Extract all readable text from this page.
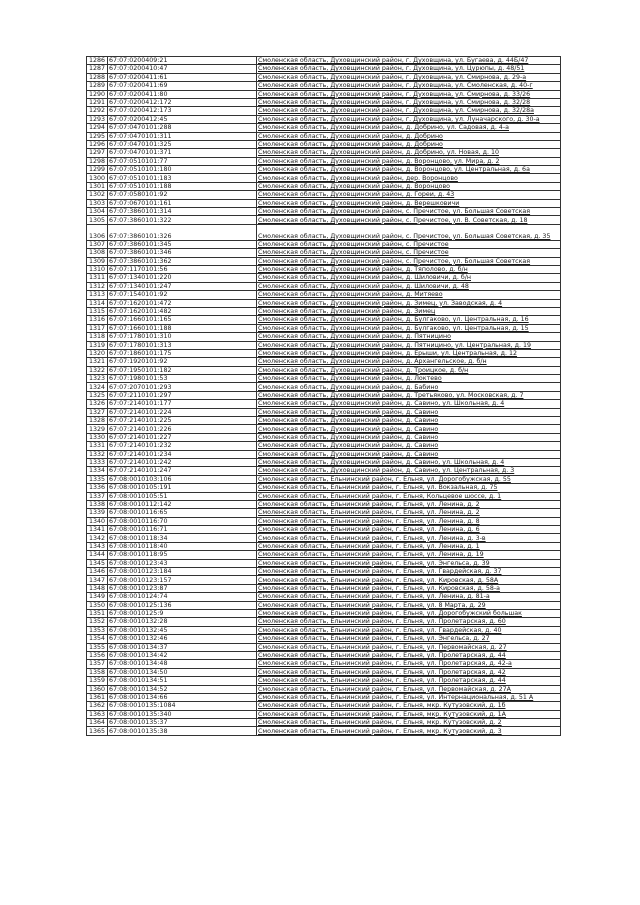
1286	67:07:0200409:21	Смоленская область, Духовщинский район, г. Духовщина, ул. Бугаева, д. 44Б/47
1287	67:07:0200410:47	Смоленская область, Духовщинский район, г. Духовщина, ул. Цурюпы, д. 48/51
1288	67:07:0200411:61	Смоленская область, Духовщинский район, г. Духовщина, ул. Смирнова, д. 29-а
1289	67:07:0200411:69	Смоленская область, Духовщинский район, г. Духовщина, ул. Смоленская, д. 40-г
1290	67:07:0200411:80	Смоленская область, Духовщинский район, г. Духовщина, ул. Смирнова, д. 33/26
1291	67:07:0200412:172	Смоленская область, Духовщинский район, г. Духовщина, ул. Смирнова, д. 32/28
1292	67:07:0200412:173	Смоленская область, Духовщинский район, г. Духовщина, ул. Смирнова, д. 32/28а
1293	67:07:0200412:45	Смоленская область, Духовщинский район, г. Духовщина, ул. Луначарского, д. 30-а
1294	67:07:0470101:288	Смоленская область, Духовщинский район, д. Добрино, ул. Садовая, д. 4-а
1295	67:07:0470101:311	Смоленская область, Духовщинский район, д. Добрино
1296	67:07:0470101:325	Смоленская область, Духовщинский район, д. Добрино
1297	67:07:0470101:371	Смоленская область, Духовщинский район, д. Добрино, ул. Новая, д. 10
1298	67:07:0510101:77	Смоленская область, Духовщинский район, д. Воронцово, ул. Мира, д. 2
1299	67:07:0510101:180	Смоленская область, Духовщинский район, д. Воронцово, ул. Центральная, д. 6а
1300	67:07:0510101:183	Смоленская область, Духовщинский район, дер. Воронцово
1301	67:07:0510101:188	Смоленская область, Духовщинский район, д. Воронцово
1302	67:07:0580101:92	Смоленская область, Духовщинский район, д. Гореи, д. 43
1303	67:07:0670101:161	Смоленская область, Духовщинский район, д. Верешковичи
1304	67:07:3860101:314	Смоленская область, Духовщинский район, с. Пречистое, ул. Большая Советская
1305	67:07:3860101:322	Смоленская область, Духовщинский район, с. Пречистое, ул. В. Советская, д. 18
1306	67:07:3860101:326	Смоленская область, Духовщинский район, с. Пречистое, ул. Большая Советская, д. 35
1307	67:07:3860101:345	Смоленская область, Духовщинский район, с. Пречистое
1308	67:07:3860101:346	Смоленская область, Духовщинский район, с. Пречистое
1309	67:07:3860101:362	Смоленская область, Духовщинский район, с. Пречистое, ул. Большая Советская
1310	67:07:1170101:56	Смоленская область, Духовщинский район, д. Тяполово, д. б/н
1311	67:07:1340101:220	Смоленская область, Духовщинский район, д. Шиловичи, д. б/н
1312	67:07:1340101:247	Смоленская область, Духовщинский район, д. Шиловичи, д. 48
1313	67:07:1540101:92	Смоленская область, Духовщинский район, д. Митяево
1314	67:07:1620101:472	Смоленская область, Духовщинский район, д. Зимец, ул. Заводская, д. 4
1315	67:07:1620101:482	Смоленская область, Духовщинский район, д. Зимец
1316	67:07:1660101:165	Смоленская область, Духовщинский район, д. Булгаково, ул. Центральная, д. 16
1317	67:07:1660101:188	Смоленская область, Духовщинский район, д. Булгаково, ул. Центральная, д. 15
1318	67:07:1780101:310	Смоленская область, Духовщинский район, д. Пятницино
1319	67:07:1780101:313	Смоленская область, Духовщинский район, д. Пятницино, ул. Центральная, д. 19
1320	67:07:1860101:175	Смоленская область, Духовщинский район, д. Ерыши, ул. Центральная, д. 12
1321	67:07:1920101:92	Смоленская область, Духовщинский район, д. Архангельское, д. б/н
1322	67:07:1950101:182	Смоленская область, Духовщинский район, д. Троицкое, д. б/н
1323	67:07:1980101:53	Смоленская область, Духовщинский район, д. Локтево
1324	67:07:2070101:293	Смоленская область, Духовщинский район, д. Бабино
1325	67:07:2110101:297	Смоленская область, Духовщинский район, д. Третьяково, ул. Московская, д. 7
1326	67:07:2140101:177	Смоленская область, Духовщинский район, д. Савино, ул. Школьная, д. 4
1327	67:07:2140101:224	Смоленская область, Духовщинский район, д. Савино
1328	67:07:2140101:225	Смоленская область, Духовщинский район, д. Савино
1329	67:07:2140101:226	Смоленская область, Духовщинский район, д. Савино
1330	67:07:2140101:227	Смоленская область, Духовщинский район, д. Савино
1331	67:07:2140101:232	Смоленская область, Духовщинский район, д. Савино
1332	67:07:2140101:234	Смоленская область, Духовщинский район, д. Савино
1333	67:07:2140101:242	Смоленская область, Духовщинский район, д. Савино, ул. Школьная, д. 4
1334	67:07:2140101:247	Смоленская область, Духовщинский район, д. Савино, ул. Центральная, д. 3
1335	67:08:0010103:106	Смоленская область, Ельнинский район, г. Ельня, ул. Дорогобужская, д. 55
1336	67:08:0010105:191	Смоленская область, Ельнинский район, г. Ельня, ул. Вокзальная, д. 75
1337	67:08:0010105:51	Смоленская область, Ельнинский район, г. Ельня, Кольцевое шоссе, д. 1
1338	67:08:0010112:142	Смоленская область, Ельнинский район, г. Ельня, ул. Ленина, д. 2
1339	67:08:0010116:65	Смоленская область, Ельнинский район, г. Ельня, ул. Ленина, д. 2
1340	67:08:0010116:70	Смоленская область, Ельнинский район, г. Ельня, ул. Ленина, д. 8
1341	67:08:0010116:71	Смоленская область, Ельнинский район, г. Ельня, ул. Ленина, д. 6
1342	67:08:0010118:34	Смоленская область, Ельнинский район, г. Ельня, ул. Ленина, д. 3-в
1343	67:08:0010118:40	Смоленская область, Ельнинский район, г. Ельня, ул. Ленина, д. 1
1344	67:08:0010118:95	Смоленская область, Ельнинский район, г. Ельня, ул. Ленина, д. 19
1345	67:08:0010123:43	Смоленская область, Ельнинский район, г. Ельня, ул. Энгельса, д. 39
1346	67:08:0010123:184	Смоленская область, Ельнинский район, г. Ельня, ул. Гвардейская, д. 37
1347	67:08:0010123:157	Смоленская область, Ельнинский район, г. Ельня, ул. Кировская, д. 58А
1348	67:08:0010123:87	Смоленская область, Ельнинский район, г. Ельня, ул. Кировская, д. 58-а
1349	67:08:0010124:74	Смоленская область, Ельнинский район, г. Ельня, ул. Ленина, д. 81-а
1350	67:08:0010125:136	Смоленская область, Ельнинский район, г. Ельня, ул. 8 Марта, д. 29
1351	67:08:0010125:9	Смоленская область, Ельнинский район, г. Ельня, ул. Дорогобужский большак
1352	67:08:0010132:28	Смоленская область, Ельнинский район, г. Ельня, ул. Пролетарская, д. 60
1353	67:08:0010132:45	Смоленская область, Ельнинский район, г. Ельня, ул. Гвардейская, д. 40
1354	67:08:0010132:46	Смоленская область, Ельнинский район, г. Ельня, ул. Энгельса, д. 27
1355	67:08:0010134:37	Смоленская область, Ельнинский район, г. Ельня, ул. Первомайская, д. 27
1356	67:08:0010134:42	Смоленская область, Ельнинский район, г. Ельня, ул. Пролетарская, д. 44
1357	67:08:0010134:48	Смоленская область, Ельнинский район, г. Ельня, ул. Пролетарская, д. 42-а
1358	67:08:0010134:50	Смоленская область, Ельнинский район, г. Ельня, ул. Пролетарская, д. 42
1359	67:08:0010134:51	Смоленская область, Ельнинский район, г. Ельня, ул. Пролетарская, д. 44
1360	67:08:0010134:52	Смоленская область, Ельнинский район, г. Ельня, ул. Первомайская, д. 27А
1361	67:08:0010134:66	Смоленская область, Ельнинский район, г. Ельня, ул. Интернациональная, д. 51 А
1362	67:08:0010135:1084	Смоленская область, Ельнинский район, г. Ельня, мкр. Кутузовский, д. 1б
1363	67:08:0010135:340	Смоленская область, Ельнинский район, г. Ельня, мкр. Кутузовский, д. 1А
1364	67:08:0010135:37	Смоленская область, Ельнинский район, г. Ельня, мкр. Кутузовский, д. 2
1365	67:08:0010135:38	Смоленская область, Ельнинский район, г. Ельня, мкр. Кутузовский, д. 3
